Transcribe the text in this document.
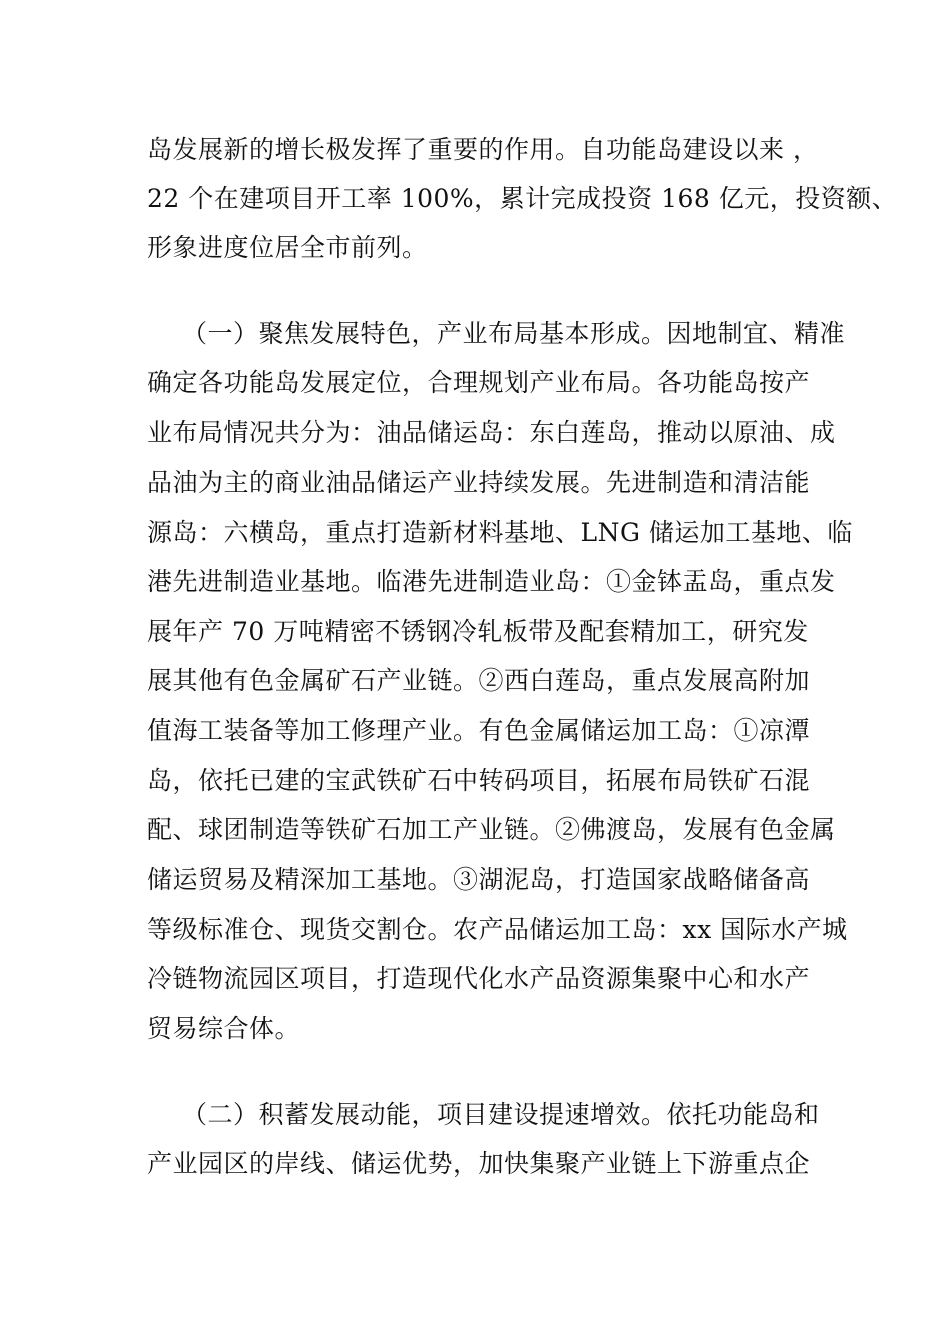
岛发展新的增长极发挥了重要的作用。自功能岛建设以来 ，
22 个在建项目开工率 100%，累计完成投资 168 亿元，投资额、
形象进度位居全市前列。
（一）聚焦发展特色，产业布局基本形成。因地制宜、精准
确定各功能岛发展定位，合理规划产业布局。各功能岛按产
业布局情况共分为：油品储运岛：东白莲岛，推动以原油、成
品油为主的商业油品储运产业持续发展。先进制造和清洁能
源岛：六横岛，重点打造新材料基地、LNG 储运加工基地、临
港先进制造业基地。临港先进制造业岛：①金钵盂岛，重点发
展年产 70 万吨精密不锈钢冷轧板带及配套精加工，研究发
展其他有色金属矿石产业链。②西白莲岛，重点发展高附加
值海工装备等加工修理产业。有色金属储运加工岛：①凉潭
岛，依托已建的宝武铁矿石中转码项目，拓展布局铁矿石混
配、球团制造等铁矿石加工产业链。②佛渡岛，发展有色金属
储运贸易及精深加工基地。③湖泥岛，打造国家战略储备高
等级标准仓、现货交割仓。农产品储运加工岛：xx 国际水产城
冷链物流园区项目，打造现代化水产品资源集聚中心和水产
贸易综合体。
（二）积蓄发展动能，项目建设提速增效。依托功能岛和
产业园区的岸线、储运优势，加快集聚产业链上下游重点企
